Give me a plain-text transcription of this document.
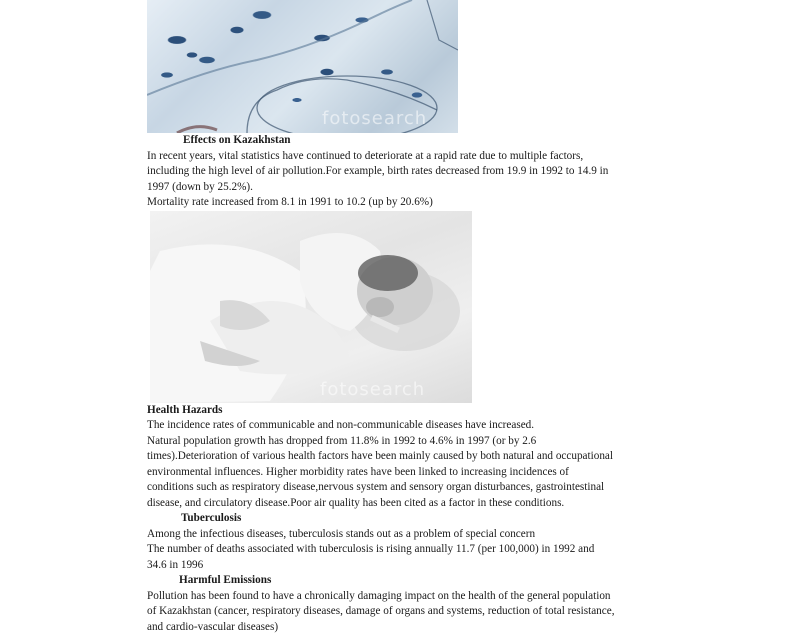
fotosearch
Effects on Kazakhstan
In recent years, vital statistics have continued to deteriorate at a rapid rate due to multiple factors,
including the high level of air pollution.For example, birth rates decreased from 19.9 in 1992 to 14.9 in
1997 (down by 25.2%).
Mortality rate increased from 8.1 in 1991 to 10.2 (up by 20.6%)
fotosearch
Health Hazards
The incidence rates of communicable and non-communicable diseases have increased.
Natural population growth has dropped from 11.8% in 1992 to 4.6% in 1997 (or by 2.6
times).Deterioration of various health factors have been mainly caused by both natural and occupational
environmental influences. Higher morbidity rates have been linked to increasing incidences of
conditions such as respiratory disease,nervous system and sensory organ disturbances, gastrointestinal
disease, and circulatory disease.Poor air quality has been cited as a factor in these conditions.
Tuberculosis
Among the infectious diseases, tuberculosis stands out as a problem of special concern
The number of deaths associated with tuberculosis is rising annually 11.7 (per 100,000) in 1992 and
34.6 in 1996
Harmful Emissions
Pollution has been found to have a chronically damaging impact on the health of the general population
of Kazakhstan (cancer, respiratory diseases, damage of organs and systems, reduction of total resistance,
and cardio-vascular diseases)
